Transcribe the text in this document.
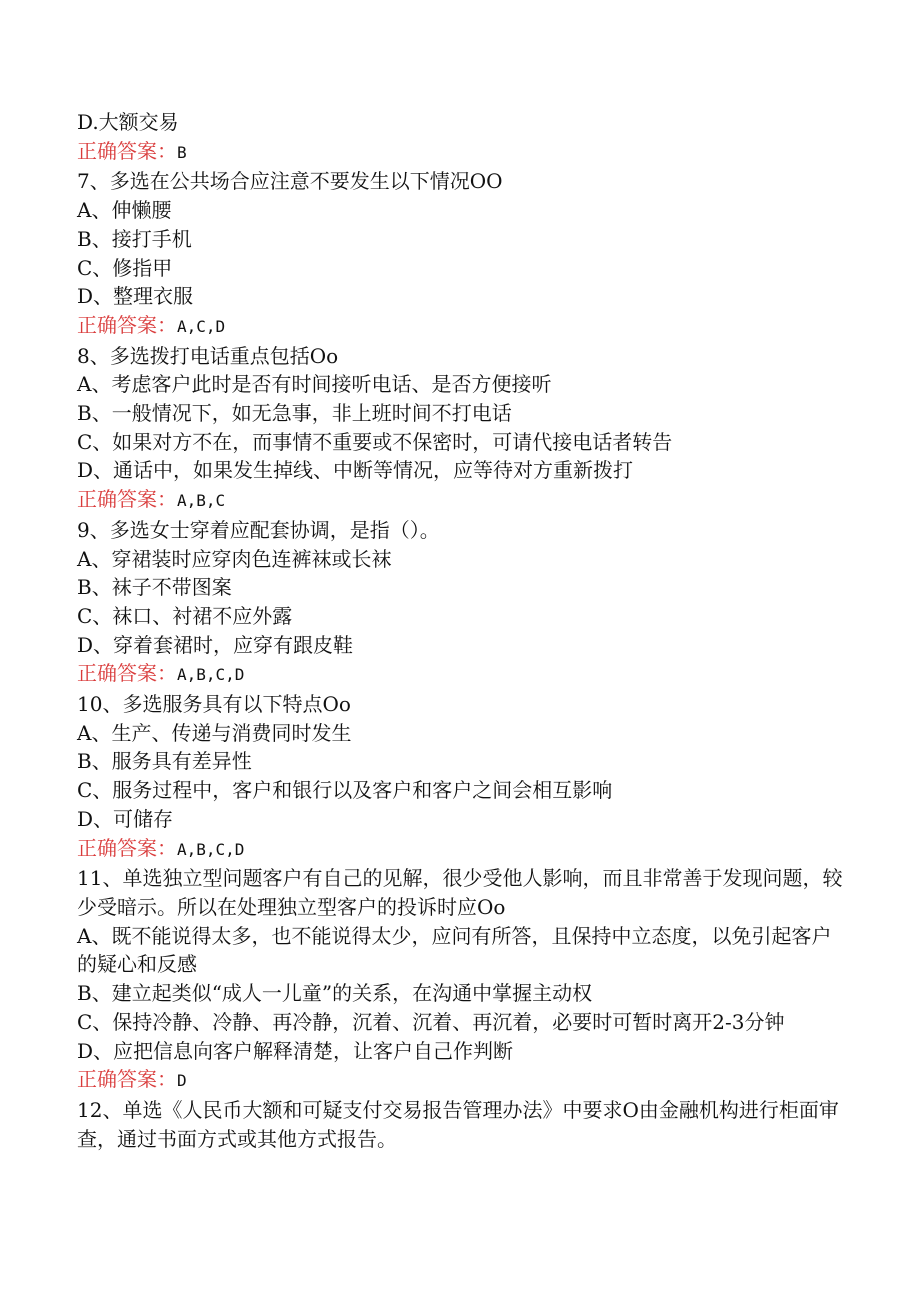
D.大额交易
正确答案：B
7、多选在公共场合应注意不要发生以下情况OO
A、伸懒腰
B、接打手机
C、修指甲
D、整理衣服
正确答案：A,C,D
8、多选拨打电话重点包括Oo
A、考虑客户此时是否有时间接听电话、是否方便接听
B、一般情况下，如无急事，非上班时间不打电话
C、如果对方不在，而事情不重要或不保密时，可请代接电话者转告
D、通话中，如果发生掉线、中断等情况，应等待对方重新拨打
正确答案：A,B,C
9、多选女士穿着应配套协调，是指（）。
A、穿裙装时应穿肉色连裤袜或长袜
B、袜子不带图案
C、袜口、衬裙不应外露
D、穿着套裙时，应穿有跟皮鞋
正确答案：A,B,C,D
10、多选服务具有以下特点Oo
A、生产、传递与消费同时发生
B、服务具有差异性
C、服务过程中，客户和银行以及客户和客户之间会相互影响
D、可储存
正确答案：A,B,C,D
11、单选独立型问题客户有自己的见解，很少受他人影响，而且非常善于发现问题，较少受暗示。所以在处理独立型客户的投诉时应Oo
A、既不能说得太多，也不能说得太少，应问有所答，且保持中立态度，以免引起客户的疑心和反感
B、建立起类似“成人一儿童”的关系，在沟通中掌握主动权
C、保持冷静、冷静、再冷静，沉着、沉着、再沉着，必要时可暂时离开2-3分钟
D、应把信息向客户解释清楚，让客户自己作判断
正确答案：D
12、单选《人民币大额和可疑支付交易报告管理办法》中要求O由金融机构进行柜面审查，通过书面方式或其他方式报告。
